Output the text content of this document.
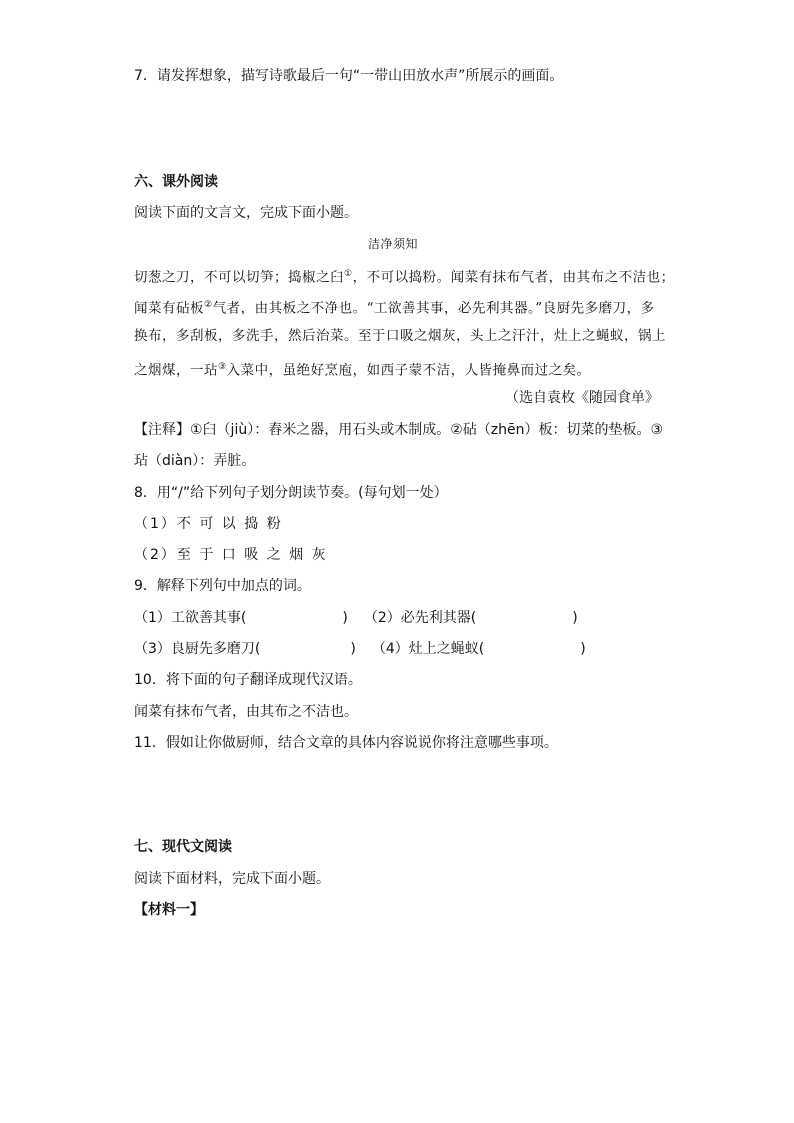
7．请发挥想象，描写诗歌最后一句“一带山田放水声”所展示的画面。
六、课外阅读
阅读下面的文言文，完成下面小题。
洁净须知
切葱之刀，不可以切笋；捣椒之臼①，不可以捣粉。闻菜有抹布气者，由其布之不洁也；
闻菜有砧板②气者，由其板之不净也。“工欲善其事，必先利其器。”良厨先多磨刀，多
换布，多刮板，多洗手，然后治菜。至于口吸之烟灰，头上之汗汁，灶上之蝇蚁，锅上
之烟煤，一玷③入菜中，虽绝好烹庖，如西子蒙不洁，人皆掩鼻而过之矣。
（选自袁枚《随园食单》
【注释】①臼（jiù）：舂米之器，用石头或木制成。②砧（zhēn）板：切菜的垫板。③
玷（diàn）：弄脏。
8．用“/”给下列句子划分朗读节奏。(每句划一处）
（1）不 可 以 捣 粉
（2）至 于 口 吸 之 烟 灰
9．解释下列句中加点的词。
（1）工欲善其事(	) （2）必先利其器(	)
（3）良厨先多磨刀(	) （4）灶上之蝇蚁(	)
10．将下面的句子翻译成现代汉语。
闻菜有抹布气者，由其布之不洁也。
11．假如让你做厨师，结合文章的具体内容说说你将注意哪些事项。
七、现代文阅读
阅读下面材料，完成下面小题。
【材料一】
